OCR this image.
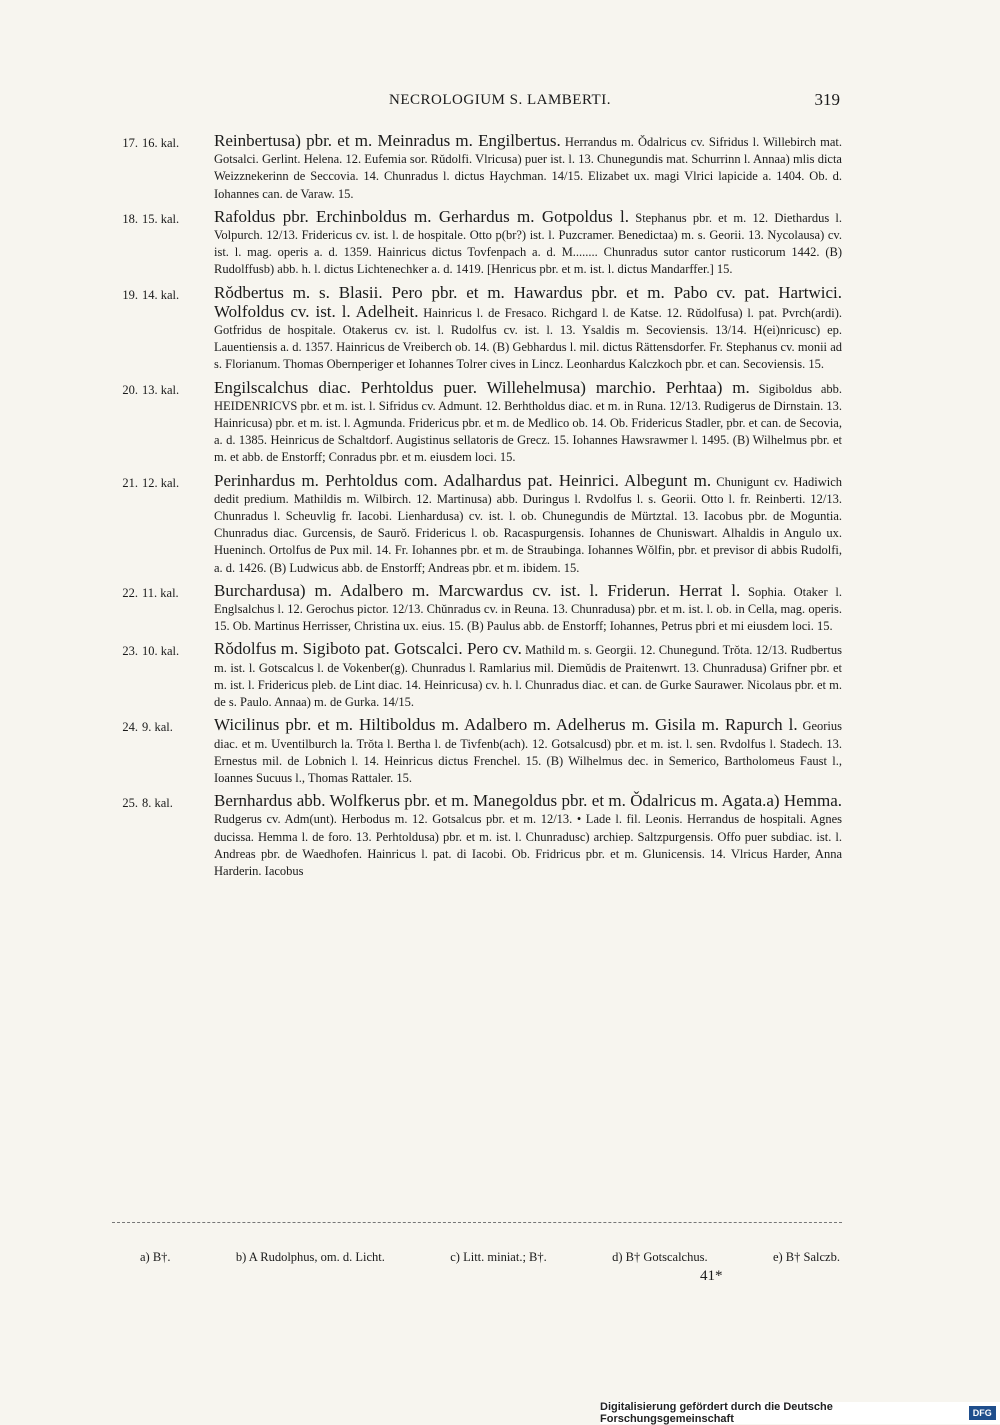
NECROLOGIUM S. LAMBERTI.	319
17. 16. kal.	Reinbertusa) pbr. et m. Meinradus m. Engilbertus. Herrandus m. Ǒdalricus cv. Sifridus l. Willebirch mat. Gotsalci. Gerlint. Helena. 12. Eufemia sor. Rǔdolfi. Vlricusa) puer ist. l. 13. Chunegundis mat. Schurrinn l. Annaa) mlis dicta Weizznekerinn de Seccovia. 14. Chunradus l. dictus Haychman. 14/15. Elizabet ux. magi Vlrici lapicide a. 1404. Ob. d. Iohannes can. de Varaw. 15.
18. 15. kal.	Rafoldus pbr. Erchinboldus m. Gerhardus m. Gotpoldus l. Stephanus pbr. et m. 12. Diethardus l. Volpurch. 12/13. Fridericus cv. ist. l. de hospitale. Otto p(br?) ist. l. Puzcramer. Benedictaa) m. s. Georii. 13. Nycolausa) cv. ist. l. mag. operis a. d. 1359. Hainricus dictus Tovfenpach a. d. M........ Chunradus sutor cantor rusticorum 1442. (B) Rudolffusb) abb. h. l. dictus Lichtenechker a. d. 1419. [Henricus pbr. et m. ist. l. dictus Mandarffer.] 15.
19. 14. kal.	Rǒdbertus m. s. Blasii. Pero pbr. et m. Hawardus pbr. et m. Pabo cv. pat. Hartwici. Wolfoldus cv. ist. l. Adelheit. Hainricus l. de Fresaco. Richgard l. de Katse. 12. Rǔdolfusa) l. pat. Pvrch(ardi). Gotfridus de hospitale. Otakerus cv. ist. l. Rudolfus cv. ist. l. 13. Ysaldis m. Secoviensis. 13/14. H(ei)nricusc) ep. Lauentiensis a. d. 1357. Hainricus de Vreiberch ob. 14. (B) Gebhardus l. mil. dictus Rättensdorfer. Fr. Stephanus cv. monii ad s. Florianum. Thomas Obernperiger et Iohannes Tolrer cives in Lincz. Leonhardus Kalczkoch pbr. et can. Secoviensis. 15.
20. 13. kal.	Engilscalchus diac. Perhtoldus puer. Willehelmusa) marchio. Perhtaa) m. Sigiboldus abb. HEIDENRICVS pbr. et m. ist. l. Sifridus cv. Admunt. 12. Berhtholdus diac. et m. in Runa. 12/13. Rudigerus de Dirnstain. 13. Hainricusa) pbr. et m. ist. l. Agmunda. Fridericus pbr. et m. de Medlico ob. 14. Ob. Fridericus Stadler, pbr. et can. de Secovia, a. d. 1385. Heinricus de Schaltdorf. Augistinus sellatoris de Grecz. 15. Iohannes Hawsrawmer l. 1495. (B) Wilhelmus pbr. et m. et abb. de Enstorff; Conradus pbr. et m. eiusdem loci. 15.
21. 12. kal.	Perinhardus m. Perhtoldus com. Adalhardus pat. Heinrici. Albegunt m. Chunigunt cv. Hadiwich dedit predium. Mathildis m. Wilbirch. 12. Martinusa) abb. Duringus l. Rvdolfus l. s. Georii. Otto l. fr. Reinberti. 12/13. Chunradus l. Scheuvlig fr. Iacobi. Lienhardusa) cv. ist. l. ob. Chunegundis de Mürtztal. 13. Iacobus pbr. de Moguntia. Chunradus diac. Gurcensis, de Saurǒ. Fridericus l. ob. Racaspurgensis. Iohannes de Chuniswart. Alhaldis in Angulo ux. Hueninch. Ortolfus de Pux mil. 14. Fr. Iohannes pbr. et m. de Straubinga. Iohannes Wǒlfin, pbr. et previsor di abbis Rudolfi, a. d. 1426. (B) Ludwicus abb. de Enstorff; Andreas pbr. et m. ibidem. 15.
22. 11. kal.	Burchardusa) m. Adalbero m. Marcwardus cv. ist. l. Friderun. Herrat l. Sophia. Otaker l. Englsalchus l. 12. Gerochus pictor. 12/13. Chǔnradus cv. in Reuna. 13. Chunradusa) pbr. et m. ist. l. ob. in Cella, mag. operis. 15. Ob. Martinus Herrisser, Christina ux. eius. 15. (B) Paulus abb. de Enstorff; Iohannes, Petrus pbri et mi eiusdem loci. 15.
23. 10. kal.	Rǒdolfus m. Sigiboto pat. Gotscalci. Pero cv. Mathild m. s. Georgii. 12. Chunegund. Trǒta. 12/13. Rudbertus m. ist. l. Gotscalcus l. de Vokenber(g). Chunradus l. Ramlarius mil. Diemǔdis de Praitenwrt. 13. Chunradusa) Grifner pbr. et m. ist. l. Fridericus pleb. de Lint diac. 14. Heinricusa) cv. h. l. Chunradus diac. et can. de Gurke Saurawer. Nicolaus pbr. et m. de s. Paulo. Annaa) m. de Gurka. 14/15.
24. 9. kal.	Wicilinus pbr. et m. Hiltiboldus m. Adalbero m. Adelherus m. Gisila m. Rapurch l. Georius diac. et m. Uventilburch la. Trǒta l. Bertha l. de Tivfenb(ach). 12. Gotsalcusd) pbr. et m. ist. l. sen. Rvdolfus l. Stadech. 13. Ernestus mil. de Lobnich l. 14. Heinricus dictus Frenchel. 15. (B) Wilhelmus dec. in Semerico, Bartholomeus Faust l., Ioannes Sucuus l., Thomas Rattaler. 15.
25. 8. kal.	Bernhardus abb. Wolfkerus pbr. et m. Manegoldus pbr. et m. Ǒdalricus m. Agata.a) Hemma. Rudgerus cv. Adm(unt). Herbodus m. 12. Gotsalcus pbr. et m. 12/13. • Lade l. fil. Leonis. Herrandus de hospitali. Agnes ducissa. Hemma l. de foro. 13. Perhtoldusa) pbr. et m. ist. l. Chunradusc) archiep. Saltzpurgensis. Offo puer subdiac. ist. l. Andreas pbr. de Waedhofen. Hainricus l. pat. di Iacobi. Ob. Fridricus pbr. et m. Glunicensis. 14. Vlricus Harder, Anna Harderin. Iacobus
a) B†.	b) A Rudolphus, om. d. Licht.	c) Litt. miniat.; B†.	d) B† Gotscalchus.	e) B† Salczb.
41*
Digitalisierung gefördert durch die Deutsche Forschungsgemeinschaft	DFG
